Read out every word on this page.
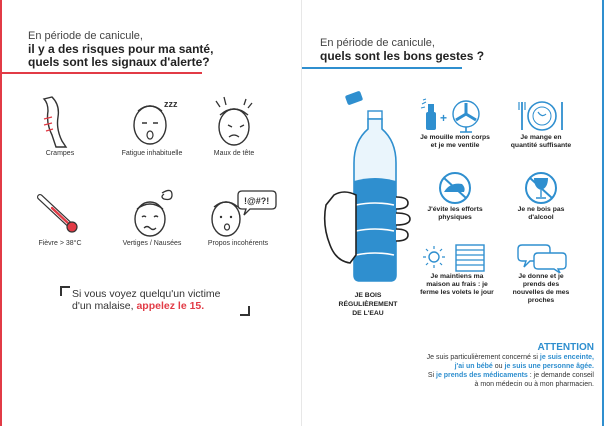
En période de canicule,
il y a des risques pour ma santé,
quels sont les signaux d'alerte?
Crampes
zzz
Fatigue inhabituelle	Maux de tête
Fièvre > 38°C	Vertiges / Nausées
!@#?!
Propos incohérents
Si vous voyez quelqu'un victime
d'un malaise, appelez le 15.
En période de canicule,
quels sont les bons gestes ?
JE BOIS
RÉGULIÈREMENT
DE L'EAU
+
Je mouille mon corps et je me ventile
Je mange en quantité suffisante
J'évite les efforts physiques
Je ne bois pas d'alcool
Je maintiens ma maison au frais : je ferme les volets le jour
Je donne et je prends des nouvelles de mes proches
ATTENTION
Je suis particulièrement concerné si je suis enceinte,
j'ai un bébé ou je suis une personne âgée.
Si je prends des médicaments : je demande conseil
à mon médecin ou à mon pharmacien.
